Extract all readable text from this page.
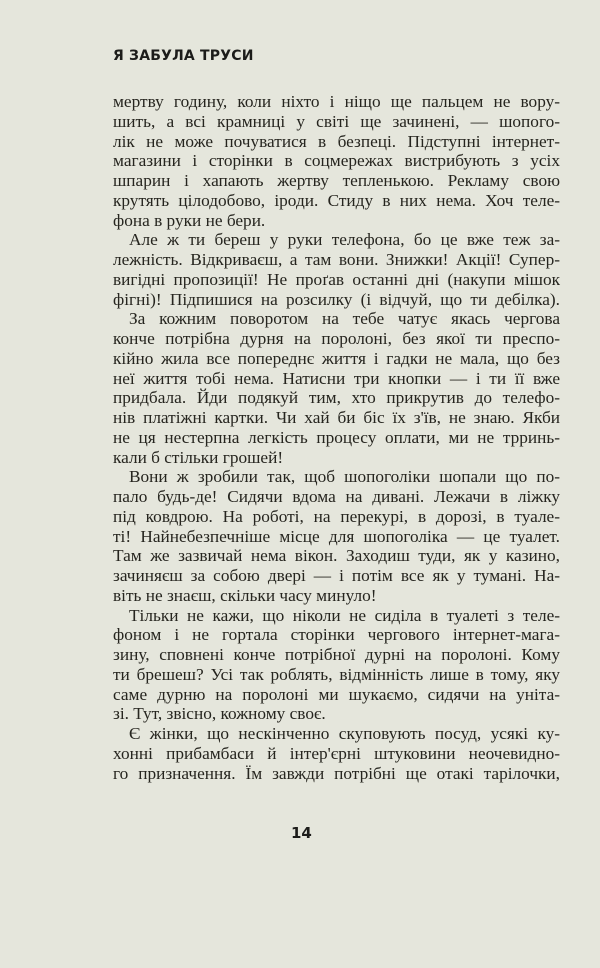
Я ЗАБУЛА ТРУСИ
мертву годину, коли ніхто і ніщо ще пальцем не вору-
шить, а всі крамниці у світі ще зачинені, — шопого-
лік не може почуватися в безпеці. Підступні інтернет-
магазини і сторінки в соцмережах вистрибують з усіх
шпарин і хапають жертву тепленькою. Рекламу свою
крутять цілодобово, іроди. Стиду в них нема. Хоч теле-
фона в руки не бери.
Але ж ти береш у руки телефона, бо це вже теж за-
лежність. Відкриваєш, а там вони. Знижки! Акції! Супер-
вигідні пропозиції! Не проґав останні дні (накупи мішок
фігні)! Підпишися на розсилку (і відчуй, що ти дебілка).
За кожним поворотом на тебе чатує якась чергова
конче потрібна дурня на поролоні, без якої ти преспо-
кійно жила все попереднє життя і гадки не мала, що без
неї життя тобі нема. Натисни три кнопки — і ти її вже
придбала. Йди подякуй тим, хто прикрутив до телефо-
нів платіжні картки. Чи хай би біс їх з'їв, не знаю. Якби
не ця нестерпна легкість процесу оплати, ми не трринь-
кали б стільки грошей!
Вони ж зробили так, щоб шопоголіки шопали що по-
пало будь-де! Сидячи вдома на дивані. Лежачи в ліжку
під ковдрою. На роботі, на перекурі, в дорозі, в туале-
ті! Найнебезпечніше місце для шопоголіка — це туалет.
Там же зазвичай нема вікон. Заходиш туди, як у казино,
зачиняєш за собою двері — і потім все як у тумані. На-
віть не знаєш, скільки часу минуло!
Тільки не кажи, що ніколи не сиділа в туалеті з теле-
фоном і не гортала сторінки чергового інтернет-мага-
зину, сповнені конче потрібної дурні на поролоні. Кому
ти брешеш? Усі так роблять, відмінність лише в тому, яку
саме дурню на поролоні ми шукаємо, сидячи на уніта-
зі. Тут, звісно, кожному своє.
Є жінки, що нескінченно скуповують посуд, усякі ку-
хонні прибамбаси й інтер'єрні штуковини неочевидно-
го призначення. Їм завжди потрібні ще отакі тарілочки,
14
